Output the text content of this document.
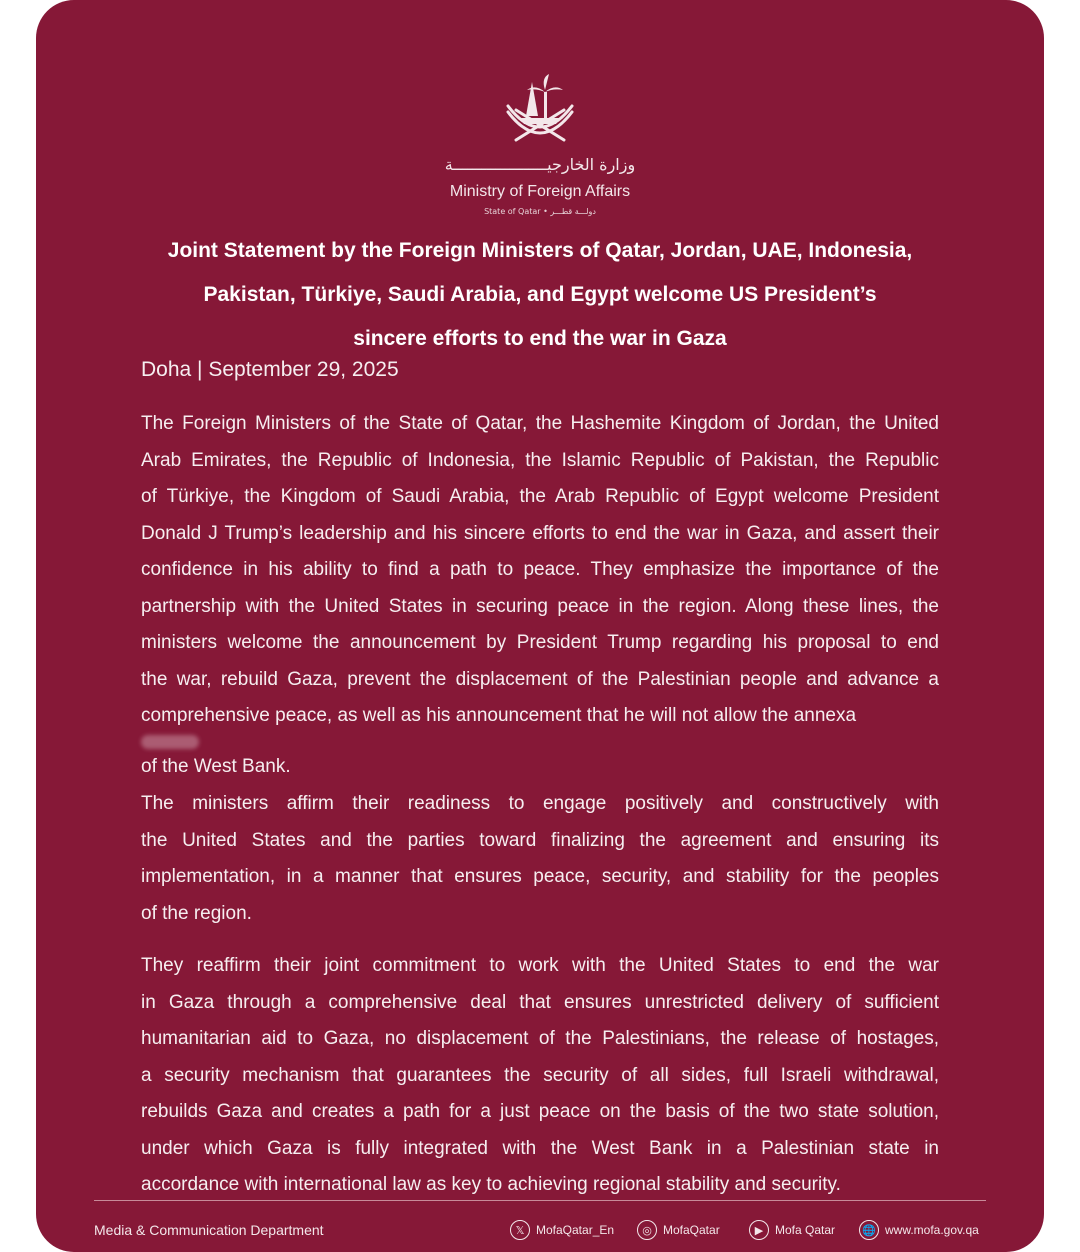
وزارة الخارجيــــــــــــــــــــة
Ministry of Foreign Affairs
State of Qatar • دولـــة قطـــر
Joint Statement by the Foreign Ministers of Qatar, Jordan, UAE, Indonesia,
Pakistan, Türkiye, Saudi Arabia, and Egypt welcome US President’s
sincere efforts to end the war in Gaza
Doha | September 29, 2025

The Foreign Ministers of the State of Qatar, the Hashemite Kingdom of Jordan, the United
Arab Emirates, the Republic of Indonesia, the Islamic Republic of Pakistan, the Republic
of Türkiye, the Kingdom of Saudi Arabia, the Arab Republic of Egypt welcome President
Donald J Trump’s leadership and his sincere efforts to end the war in Gaza, and assert their
confidence in his ability to find a path to peace. They emphasize the importance of the
partnership with the United States in securing peace in the region. Along these lines, the
ministers welcome the announcement by President Trump regarding his proposal to end
the war, rebuild Gaza, prevent the displacement of the Palestinian people and advance a
comprehensive peace, as well as his announcement that he will not allow the annexa
of the West Bank.

The ministers affirm their readiness to engage positively and constructively with
the United States and the parties toward finalizing the agreement and ensuring its
implementation, in a manner that ensures peace, security, and stability for the peoples
of the region.

They reaffirm their joint commitment to work with the United States to end the war
in Gaza through a comprehensive deal that ensures unrestricted delivery of sufficient
humanitarian aid to Gaza, no displacement of the Palestinians, the release of hostages,
a security mechanism that guarantees the security of all sides, full Israeli withdrawal,
rebuilds Gaza and creates a path for a just peace on the basis of the two state solution,
under which Gaza is fully integrated with the West Bank in a Palestinian state in
accordance with international law as key to achieving regional stability and security.

Media & Communication Department	𝕏 MofaQatar_En	◎ MofaQatar	▶ Mofa Qatar 🌐 www.mofa.gov.qa
